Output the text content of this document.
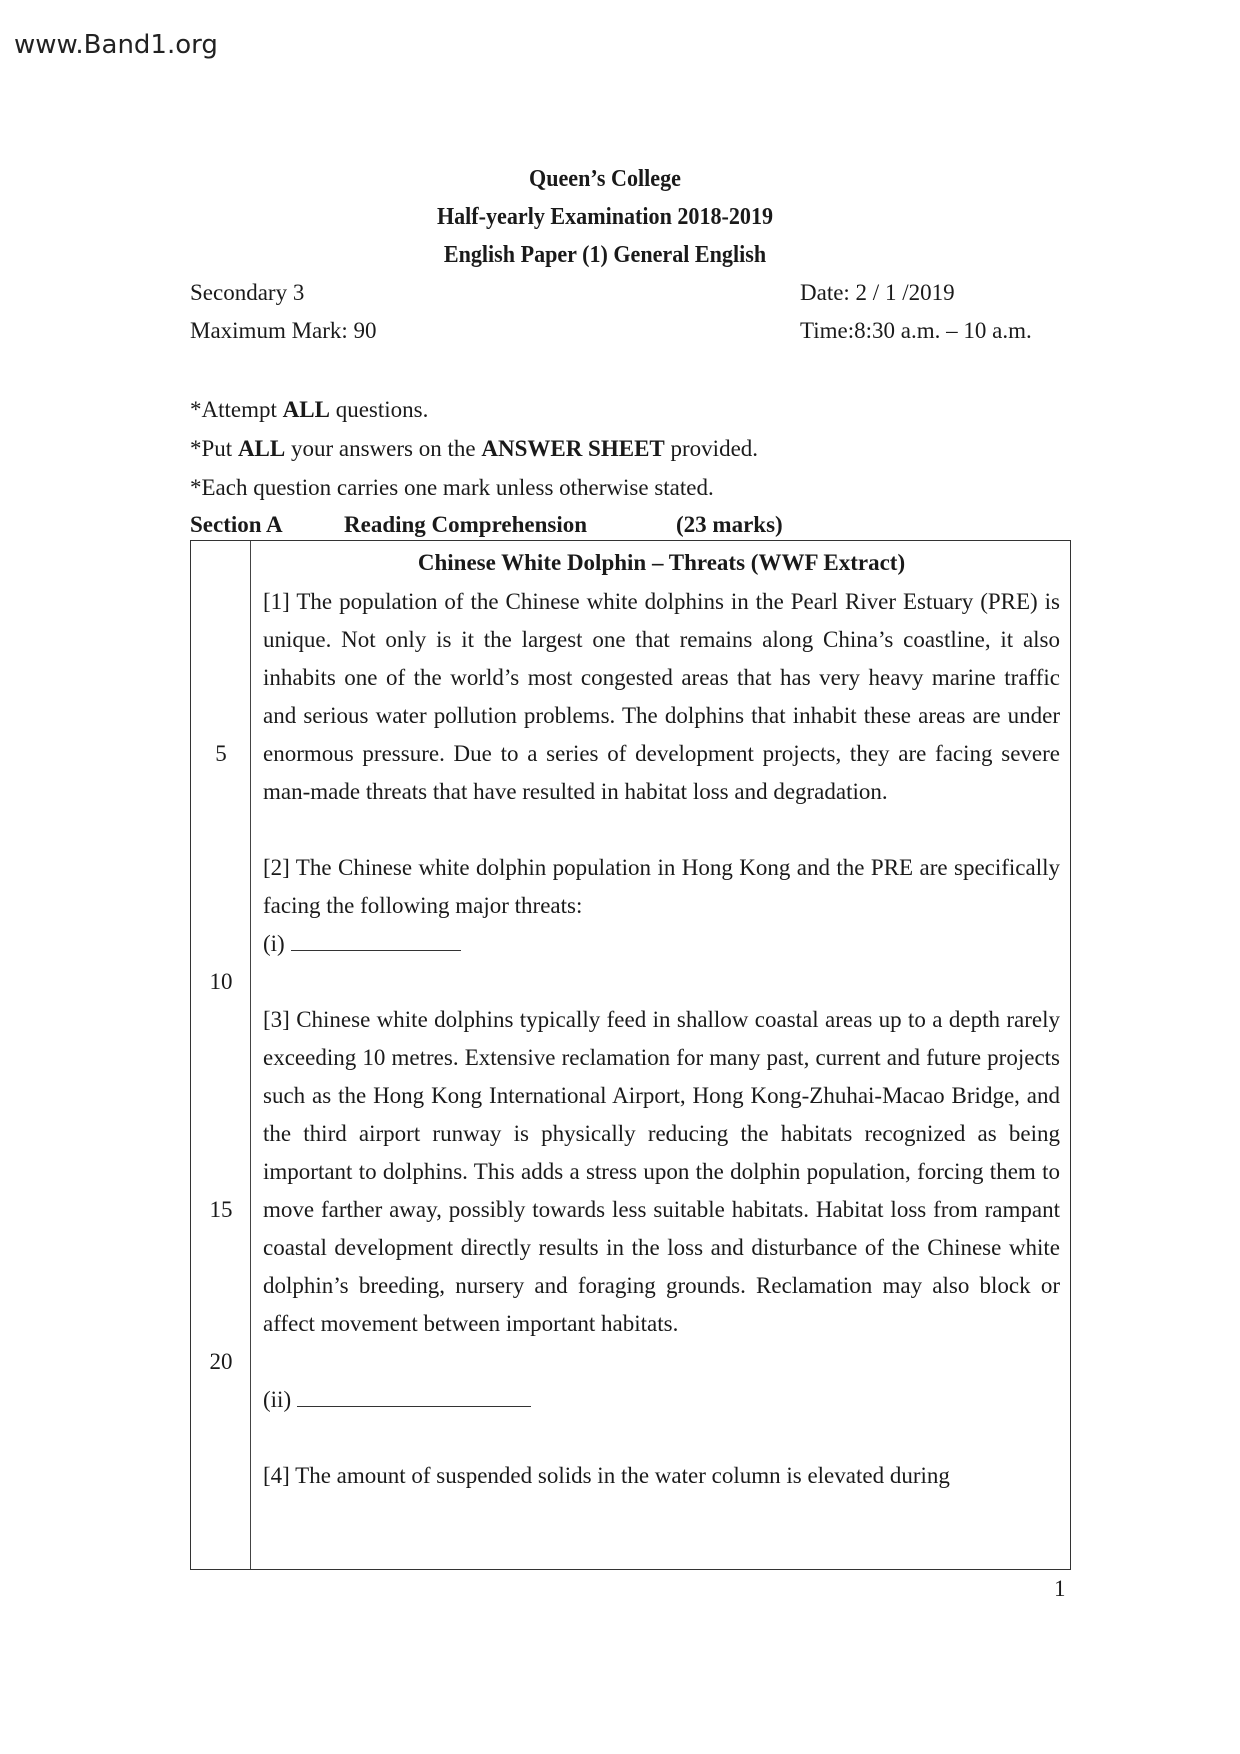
www.Band1.org
Queen’s College
Half-yearly Examination 2018-2019
English Paper (1) General English
Secondary 3
Maximum Mark: 90
Date: 2 / 1 /2019
Time:8:30 a.m. – 10 a.m.
*Attempt ALL questions.
*Put ALL your answers on the ANSWER SHEET provided.
*Each question carries one mark unless otherwise stated.
Section A	Reading Comprehension	(23 marks)
5
10
15
20
Chinese White Dolphin – Threats (WWF Extract)

[1] The population of the Chinese white dolphins in the Pearl River Estuary (PRE) is unique. Not only is it the largest one that remains along China’s coastline, it also inhabits one of the world’s most congested areas that has very heavy marine traffic and serious water pollution problems. The dolphins that inhabit these areas are under enormous pressure. Due to a series of development projects, they are facing severe man-made threats that have resulted in habitat loss and degradation.

[2] The Chinese white dolphin population in Hong Kong and the PRE are specifically facing the following major threats:

(i)

[3] Chinese white dolphins typically feed in shallow coastal areas up to a depth rarely exceeding 10 metres. Extensive reclamation for many past, current and future projects such as the Hong Kong International Airport, Hong Kong-Zhuhai-Macao Bridge, and the third airport runway is physically reducing the habitats recognized as being important to dolphins. This adds a stress upon the dolphin population, forcing them to move farther away, possibly towards less suitable habitats. Habitat loss from rampant coastal development directly results in the loss and disturbance of the Chinese white dolphin’s breeding, nursery and foraging grounds. Reclamation may also block or affect movement between important habitats.

(ii)

[4] The amount of suspended solids in the water column is elevated during

1
